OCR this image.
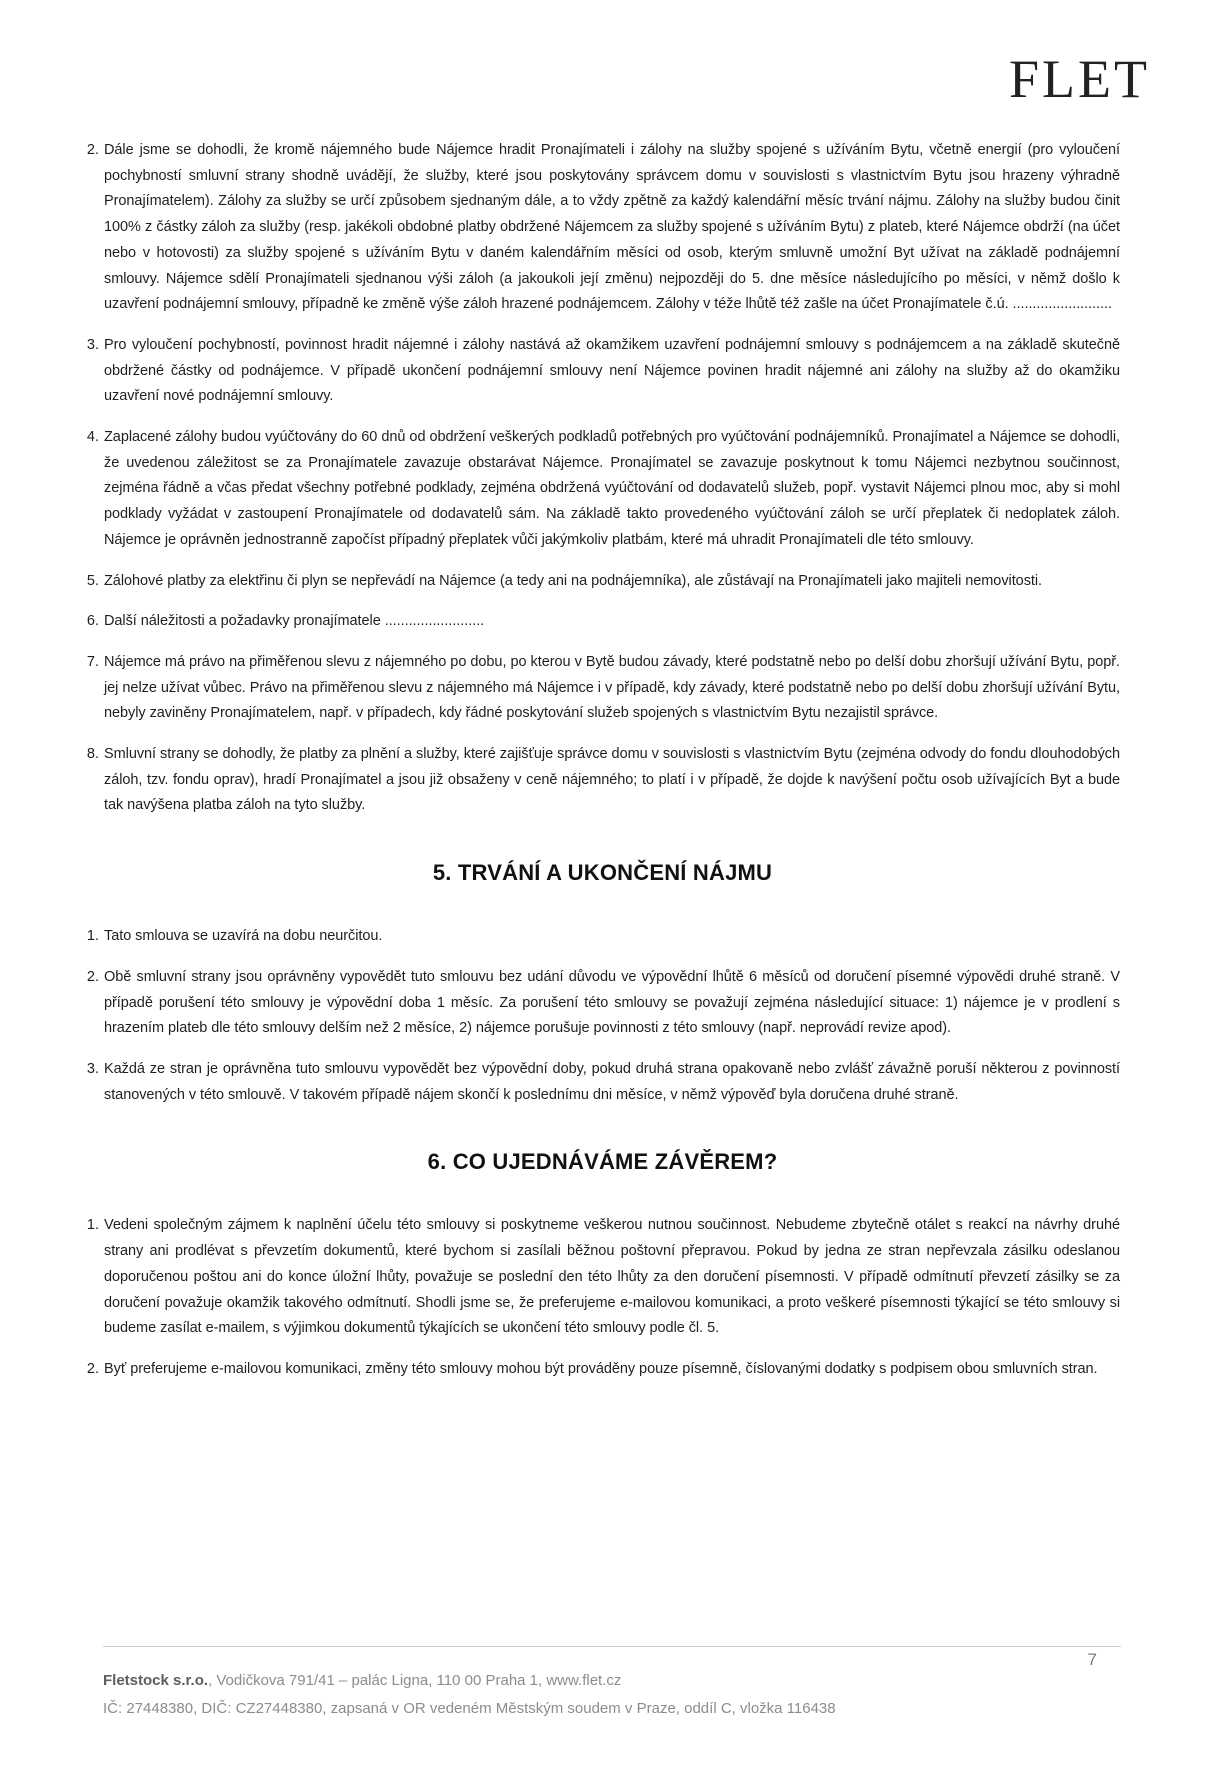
FLET
2. Dále jsme se dohodli, že kromě nájemného bude Nájemce hradit Pronajímateli i zálohy na služby spojené s užíváním Bytu, včetně energií (pro vyloučení pochybností smluvní strany shodně uvádějí, že služby, které jsou poskytovány správcem domu v souvislosti s vlastnictvím Bytu jsou hrazeny výhradně Pronajímatelem). Zálohy za služby se určí způsobem sjednaným dále, a to vždy zpětně za každý kalendářní měsíc trvání nájmu. Zálohy na služby budou činit 100% z částky záloh za služby (resp. jakékoli obdobné platby obdržené Nájemcem za služby spojené s užíváním Bytu) z plateb, které Nájemce obdrží (na účet nebo v hotovosti) za služby spojené s užíváním Bytu v daném kalendářním měsíci od osob, kterým smluvně umožní Byt užívat na základě podnájemní smlouvy. Nájemce sdělí Pronajímateli sjednanou výši záloh (a jakoukoli její změnu) nejpozději do 5. dne měsíce následujícího po měsíci, v němž došlo k uzavření podnájemní smlouvy, případně ke změně výše záloh hrazené podnájemcem. Zálohy v téže lhůtě též zašle na účet Pronajímatele č.ú. .........................
3. Pro vyloučení pochybností, povinnost hradit nájemné i zálohy nastává až okamžikem uzavření podnájemní smlouvy s podnájemcem a na základě skutečně obdržené částky od podnájemce. V případě ukončení podnájemní smlouvy není Nájemce povinen hradit nájemné ani zálohy na služby až do okamžiku uzavření nové podnájemní smlouvy.
4. Zaplacené zálohy budou vyúčtovány do 60 dnů od obdržení veškerých podkladů potřebných pro vyúčtování podnájemníků. Pronajímatel a Nájemce se dohodli, že uvedenou záležitost se za Pronajímatele zavazuje obstarávat Nájemce. Pronajímatel se zavazuje poskytnout k tomu Nájemci nezbytnou součinnost, zejména řádně a včas předat všechny potřebné podklady, zejména obdržená vyúčtování od dodavatelů služeb, popř. vystavit Nájemci plnou moc, aby si mohl podklady vyžádat v zastoupení Pronajímatele od dodavatelů sám. Na základě takto provedeného vyúčtování záloh se určí přeplatek či nedoplatek záloh. Nájemce je oprávněn jednostranně započíst případný přeplatek vůči jakýmkoliv platbám, které má uhradit Pronajímateli dle této smlouvy.
5. Zálohové platby za elektřinu či plyn se nepřevádí na Nájemce (a tedy ani na podnájemníka), ale zůstávají na Pronajímateli jako majiteli nemovitosti.
6. Další náležitosti a požadavky pronajímatele .........................
7. Nájemce má právo na přiměřenou slevu z nájemného po dobu, po kterou v Bytě budou závady, které podstatně nebo po delší dobu zhoršují užívání Bytu, popř. jej nelze užívat vůbec. Právo na přiměřenou slevu z nájemného má Nájemce i v případě, kdy závady, které podstatně nebo po delší dobu zhoršují užívání Bytu, nebyly zaviněny Pronajímatelem, např. v případech, kdy řádné poskytování služeb spojených s vlastnictvím Bytu nezajistil správce.
8. Smluvní strany se dohodly, že platby za plnění a služby, které zajišťuje správce domu v souvislosti s vlastnictvím Bytu (zejména odvody do fondu dlouhodobých záloh, tzv. fondu oprav), hradí Pronajímatel a jsou již obsaženy v ceně nájemného; to platí i v případě, že dojde k navýšení počtu osob užívajících Byt a bude tak navýšena platba záloh na tyto služby.
5. TRVÁNÍ A UKONČENÍ NÁJMU
1. Tato smlouva se uzavírá na dobu neurčitou.
2. Obě smluvní strany jsou oprávněny vypovědět tuto smlouvu bez udání důvodu ve výpovědní lhůtě 6 měsíců od doručení písemné výpovědi druhé straně. V případě porušení této smlouvy je výpovědní doba 1 měsíc. Za porušení této smlouvy se považují zejména následující situace: 1) nájemce je v prodlení s hrazením plateb dle této smlouvy delším než 2 měsíce, 2) nájemce porušuje povinnosti z této smlouvy (např. neprovádí revize apod).
3. Každá ze stran je oprávněna tuto smlouvu vypovědět bez výpovědní doby, pokud druhá strana opakovaně nebo zvlášť závažně poruší některou z povinností stanovených v této smlouvě. V takovém případě nájem skončí k poslednímu dni měsíce, v němž výpověď byla doručena druhé straně.
6. CO UJEDNÁVÁME ZÁVĚREM?
1. Vedeni společným zájmem k naplnění účelu této smlouvy si poskytneme veškerou nutnou součinnost. Nebudeme zbytečně otálet s reakcí na návrhy druhé strany ani prodlévat s převzetím dokumentů, které bychom si zasílali běžnou poštovní přepravou. Pokud by jedna ze stran nepřevzala zásilku odeslanou doporučenou poštou ani do konce úložní lhůty, považuje se poslední den této lhůty za den doručení písemnosti. V případě odmítnutí převzetí zásilky se za doručení považuje okamžik takového odmítnutí. Shodli jsme se, že preferujeme e-mailovou komunikaci, a proto veškeré písemnosti týkající se této smlouvy si budeme zasílat e-mailem, s výjimkou dokumentů týkajících se ukončení této smlouvy podle čl. 5.
2. Byť preferujeme e-mailovou komunikaci, změny této smlouvy mohou být prováděny pouze písemně, číslovanými dodatky s podpisem obou smluvních stran.
Fletstock s.r.o., Vodičkova 791/41 – palác Ligna, 110 00 Praha 1, www.flet.cz
IČ: 27448380, DIČ: CZ27448380, zapsaná v OR vedeném Městským soudem v Praze, oddíl C, vložka 116438
7
